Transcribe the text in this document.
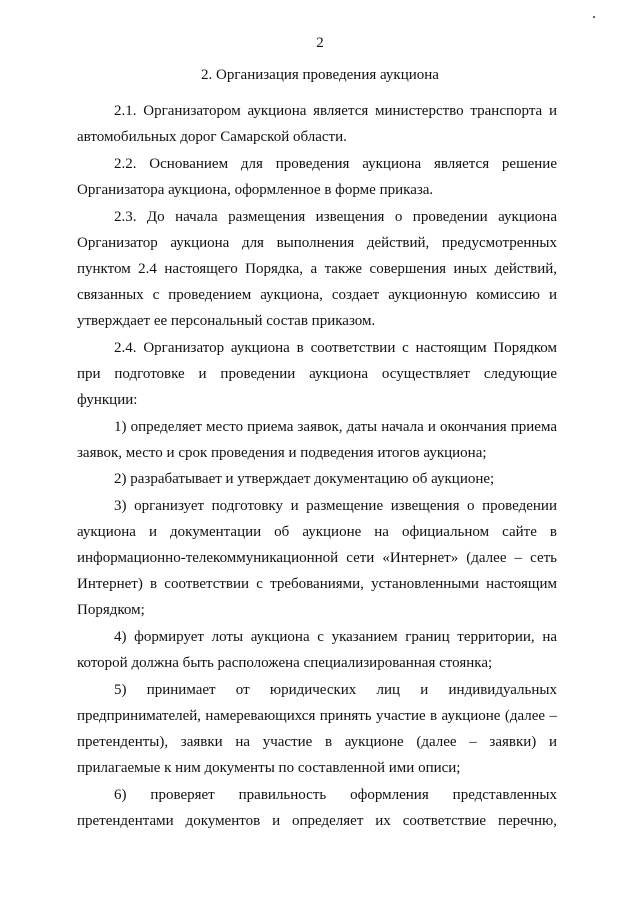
2
2. Организация проведения аукциона
2.1. Организатором аукциона является министерство транспорта и
автомобильных дорог Самарской области.
2.2. Основанием для проведения аукциона является решение
Организатора аукциона, оформленное в форме приказа.
2.3. До начала размещения извещения о проведении аукциона
Организатор аукциона для выполнения действий, предусмотренных
пунктом 2.4 настоящего Порядка, а также совершения иных действий,
связанных с проведением аукциона, создает аукционную комиссию и
утверждает ее персональный состав приказом.
2.4. Организатор аукциона в соответствии с настоящим Порядком
при подготовке и проведении аукциона осуществляет следующие
функции:
1) определяет место приема заявок, даты начала и окончания приема
заявок, место и срок проведения и подведения итогов аукциона;
2) разрабатывает и утверждает документацию об аукционе;
3) организует подготовку и размещение извещения о проведении
аукциона и документации об аукционе на официальном сайте в
информационно-телекоммуникационной сети «Интернет» (далее – сеть
Интернет) в соответствии с требованиями, установленными настоящим
Порядком;
4) формирует лоты аукциона с указанием границ территории, на
которой должна быть расположена специализированная стоянка;
5) принимает от юридических лиц и индивидуальных
предпринимателей, намеревающихся принять участие в аукционе (далее –
претенденты), заявки на участие в аукционе (далее – заявки) и
прилагаемые к ним документы по составленной ими описи;
6) проверяет правильность оформления представленных
претендентами документов и определяет их соответствие перечню,
